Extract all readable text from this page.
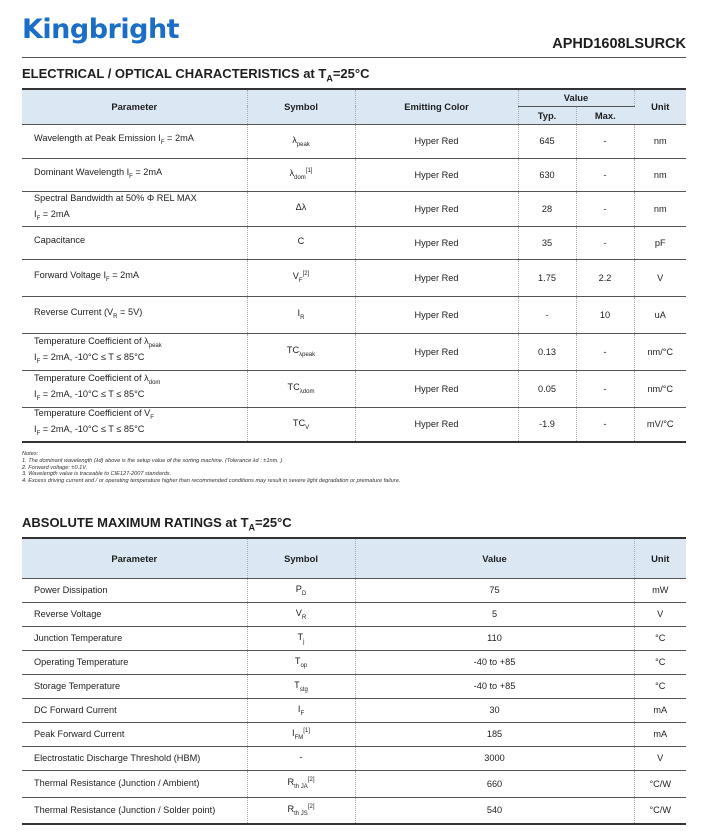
Kingbright	APHD1608LSURCK
ELECTRICAL / OPTICAL CHARACTERISTICS at $T_A=25^\circ C$
Parameter	Symbol	Emitting Color	Value		Unit
			Typ.	Max.	

Wavelength at Peak Emission $I_F = 2mA$	$\lambda_{peak}$	Hyper Red	645	-	nm

Dominant Wavelength $I_F = 2mA$	$\lambda_{dom}[1]$	Hyper Red	630	-	nm

Spectral Bandwidth at 50% Φ REL MAX
$I_F = 2mA$	Δλ	Hyper Red	28	-	nm

Capacitance	C	Hyper Red	35	-	pF

Forward Voltage $I_F = 2mA$	$V_F[2]$	Hyper Red	1.75	2.2	V

Reverse Current $(V_R = 5V)$	$I_R$	Hyper Red	-	10	uA

Temperature Coefficient of $\lambda_{peak}$
$I_F = 2mA$, -10°C ≤ T ≤ 85°C	$TC_{\lambda peak}$	Hyper Red	0.13	-	nm/°C

Temperature Coefficient of $\lambda_{dom}$
$I_F = 2mA$, -10°C ≤ T ≤ 85°C	$TC_{\lambda dom}$	Hyper Red	0.05	-	nm/°C

Temperature Coefficient of $V_F$
$I_F = 2mA$, -10°C ≤ T ≤ 85°C	$TC_V$	Hyper Red	-1.9	-	mV/°C
Notes:
1. The dominant wavelength (λd) above is the setup value of the sorting machine. (Tolerance λd : ±1nm. )
2. Forward voltage: ±0.1V.
3. Wavelength value is traceable to CIE127-2007 standards.
4. Excess driving current and / or operating temperature higher than recommended conditions may result in severe light degradation or premature failure.
ABSOLUTE MAXIMUM RATINGS at $T_A=25^\circ C$
Parameter	Symbol	Value	Unit
Power Dissipation	$P_D$	75	mW
Reverse Voltage	$V_R$	5	V
Junction Temperature	$T_j$	110	°C
Operating Temperature	$T_{op}$	-40 to +85	°C
Storage Temperature	$T_{stg}$	-40 to +85	°C
DC Forward Current	$I_F$	30	mA
Peak Forward Current	$I_{FM}[1]$	185	mA
Electrostatic Discharge Threshold (HBM)	-	3000	V
Thermal Resistance (Junction / Ambient)	$R_{th JA}[2]$	660	°C/W
Thermal Resistance (Junction / Solder point)	$R_{th JS}[2]$	540	°C/W
